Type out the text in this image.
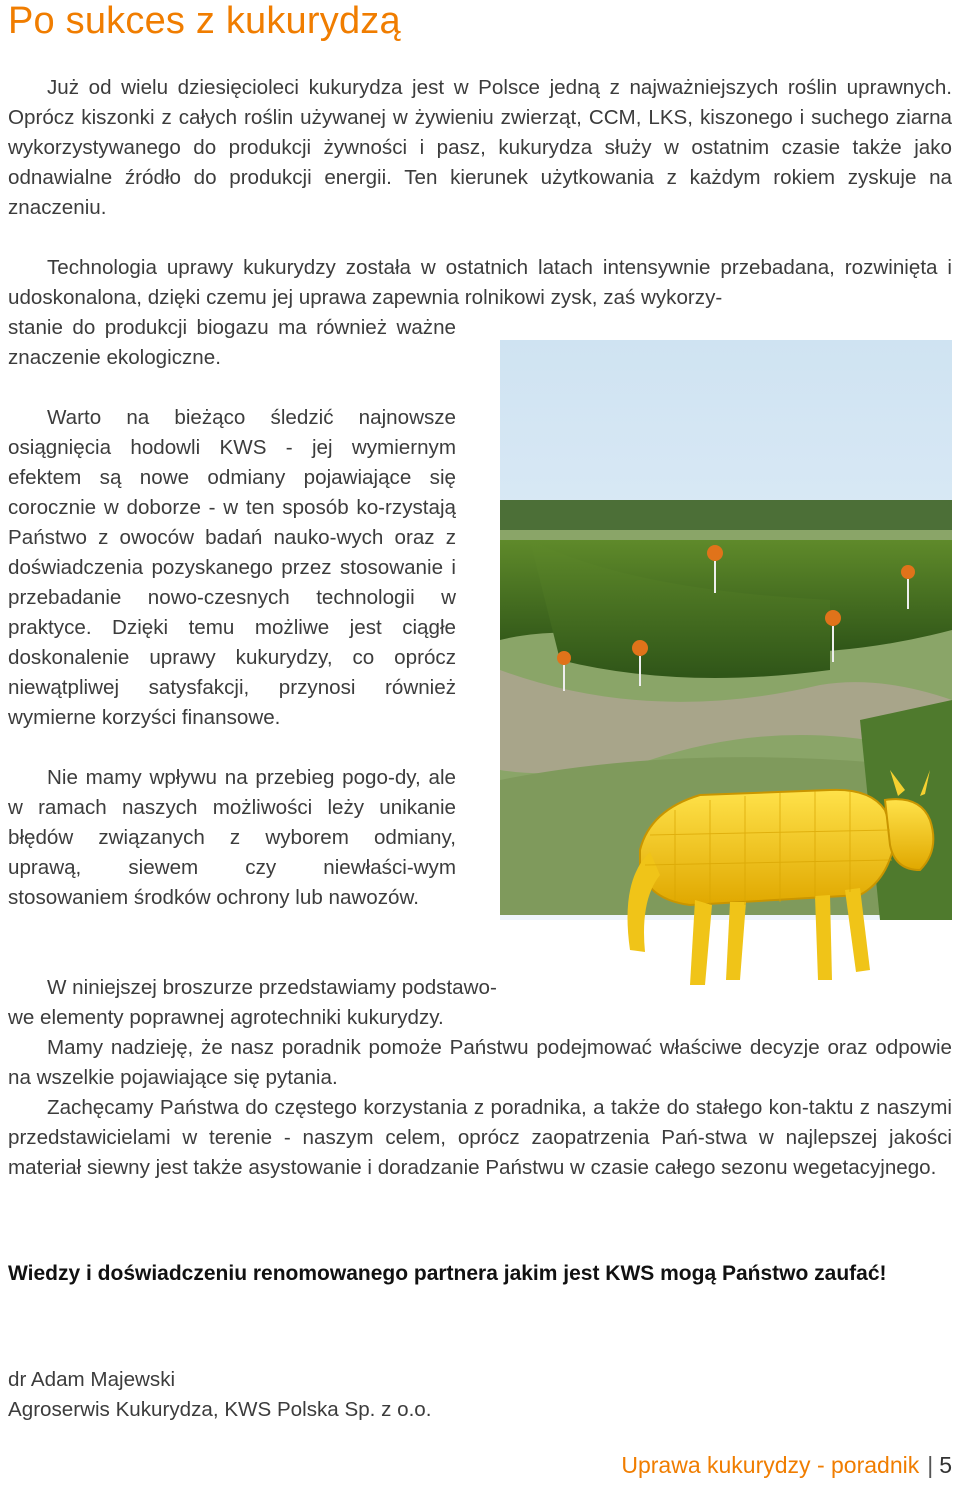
Po sukces z kukurydzą

Już od wielu dziesięcioleci kukurydza jest w Polsce jedną z najważniejszych roślin uprawnych. Oprócz kiszonki z całych roślin używanej w żywieniu zwierząt, CCM, LKS, kiszonego i suchego ziarna wykorzystywanego do produkcji żywności i pasz, kukurydza służy w ostatnim czasie także jako odnawialne źródło do produkcji energii. Ten kierunek użytkowania z każdym rokiem zyskuje na znaczeniu.

Technologia uprawy kukurydzy została w ostatnich latach intensywnie przebadana, rozwinięta i udoskonalona, dzięki czemu jej uprawa zapewnia rolnikowi zysk, zaś wykorzy-

stanie do produkcji biogazu ma również ważne znaczenie ekologiczne.

Warto na bieżąco śledzić najnowsze osiągnięcia hodowli KWS - jej wymiernym efektem są nowe odmiany pojawiające się corocznie w doborze - w ten sposób ko-rzystają Państwo z owoców badań nauko-wych oraz z doświadczenia pozyskanego przez stosowanie i przebadanie nowo-czesnych technologii w praktyce. Dzięki temu możliwe jest ciągłe doskonalenie uprawy kukurydzy, co oprócz niewątpliwej satysfakcji, przynosi również wymierne korzyści finansowe.

Nie mamy wpływu na przebieg pogo-dy, ale w ramach naszych możliwości leży unikanie błędów związanych z wyborem odmiany, uprawą, siewem czy niewłaści-wym stosowaniem środków ochrony lub nawozów.

W niniejszej broszurze przedstawiamy podstawo-

we elementy poprawnej agrotechniki kukurydzy.

Mamy nadzieję, że nasz poradnik pomoże Państwu podejmować właściwe decyzje oraz odpowie na wszelkie pojawiające się pytania.

Zachęcamy Państwa do częstego korzystania z poradnika, a także do stałego kon-taktu z naszymi przedstawicielami w terenie - naszym celem, oprócz zaopatrzenia Pań-stwa w najlepszej jakości materiał siewny jest także asystowanie i doradzanie Państwu w czasie całego sezonu wegetacyjnego.

Wiedzy i doświadczeniu renomowanego partnera jakim jest KWS mogą Państwo zaufać!

dr Adam Majewski

Agroserwis Kukurydza, KWS Polska Sp. z o.o.

Uprawa kukurydzy - poradnik | 5
